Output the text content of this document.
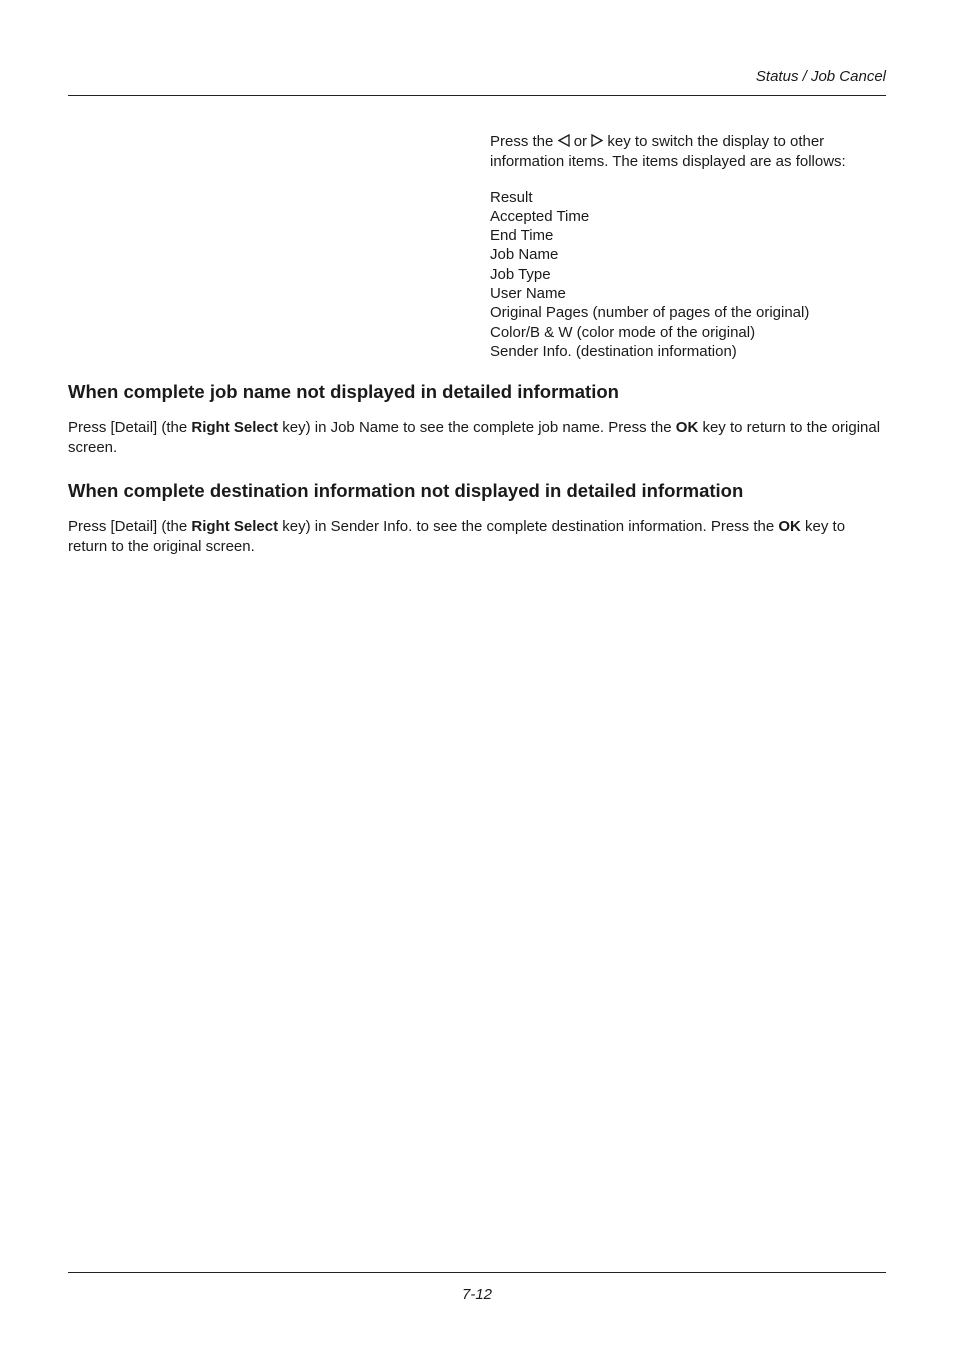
Status / Job Cancel

Press the or key to switch the display to other information items. The items displayed are as follows:

Result
Accepted Time
End Time
Job Name
Job Type
User Name
Original Pages (number of pages of the original)
Color/B & W (color mode of the original)
Sender Info. (destination information)
When complete job name not displayed in detailed information

Press [Detail] (the Right Select key) in Job Name to see the complete job name. Press the OK key to return to the original screen.

When complete destination information not displayed in detailed information

Press [Detail] (the Right Select key) in Sender Info. to see the complete destination information. Press the OK key to return to the original screen.

7-12
